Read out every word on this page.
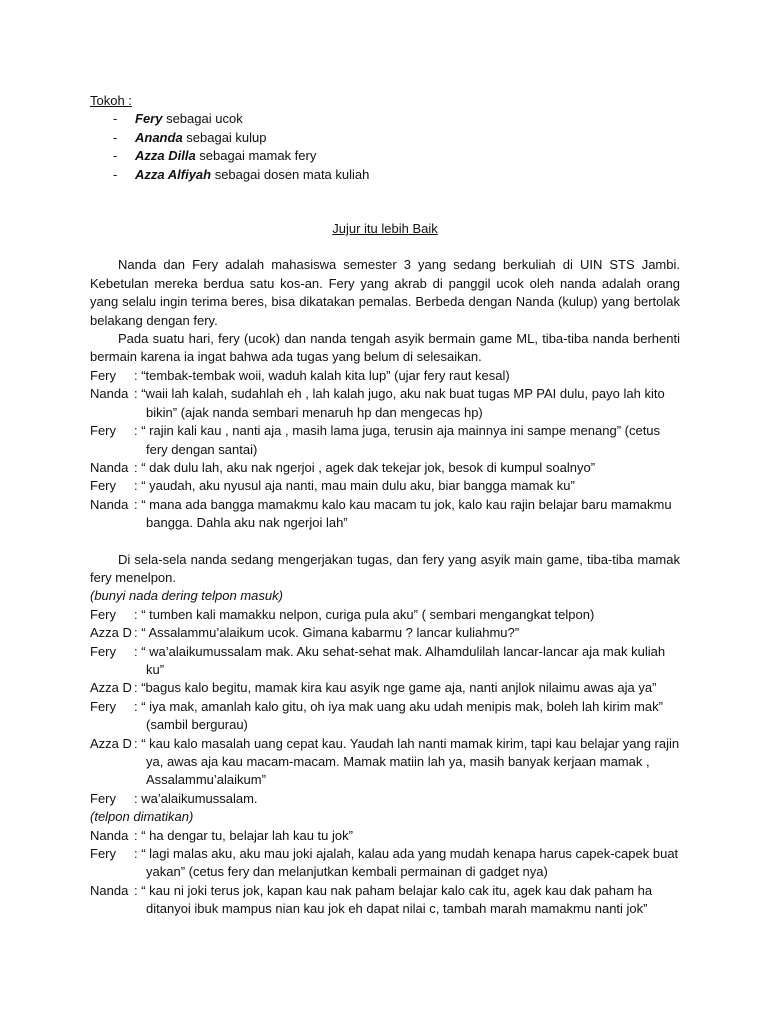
Tokoh :

- Fery sebagai ucok
- Ananda sebagai kulup
- Azza Dilla sebagai mamak fery
- Azza Alfiyah sebagai dosen mata kuliah
Jujur itu lebih Baik

Nanda dan Fery adalah mahasiswa semester 3 yang sedang berkuliah di UIN STS Jambi. Kebetulan mereka berdua satu kos-an. Fery yang akrab di panggil ucok oleh nanda adalah orang yang selalu ingin terima beres, bisa dikatakan pemalas. Berbeda dengan Nanda (kulup) yang bertolak belakang dengan fery.

Pada suatu hari, fery (ucok) dan nanda tengah asyik bermain game ML, tiba-tiba nanda berhenti bermain karena ia ingat bahwa ada tugas yang belum di selesaikan.

Fery	: “tembak-tembak woii, waduh kalah kita lup” (ujar fery raut kesal)
Nanda : “waii lah kalah, sudahlah eh , lah kalah jugo, aku nak buat tugas MP PAI dulu, payo lah kito bikin” (ajak nanda sembari menaruh hp dan mengecas hp)
Fery	: “ rajin kali kau , nanti aja , masih lama juga, terusin aja mainnya ini sampe menang” (cetus fery dengan santai)
Nanda : “ dak dulu lah, aku nak ngerjoi , agek dak tekejar jok, besok di kumpul soalnyo”
Fery	: “ yaudah, aku nyusul aja nanti, mau main dulu aku, biar bangga mamak ku”
Nanda : “ mana ada bangga mamakmu kalo kau macam tu jok, kalo kau rajin belajar baru mamakmu bangga. Dahla aku nak ngerjoi lah”

Di sela-sela nanda sedang mengerjakan tugas, dan fery yang asyik main game, tiba-tiba mamak fery menelpon.

(bunyi nada dering telpon masuk)

Fery	: “ tumben kali mamakku nelpon, curiga pula aku” ( sembari mengangkat telpon)
Azza D : “ Assalammu’alaikum ucok. Gimana kabarmu ? lancar kuliahmu?”
Fery	: “ wa’alaikumussalam mak. Aku sehat-sehat mak. Alhamdulilah lancar-lancar aja mak kuliah ku”
Azza D : “bagus kalo begitu, mamak kira kau asyik nge game aja, nanti anjlok nilaimu awas aja ya”
Fery	: “ iya mak, amanlah kalo gitu, oh iya mak uang aku udah menipis mak, boleh lah kirim mak” (sambil bergurau)
Azza D : “ kau kalo masalah uang cepat kau. Yaudah lah nanti mamak kirim, tapi kau belajar yang rajin ya, awas aja kau macam-macam. Mamak matiin lah ya, masih banyak kerjaan mamak , Assalammu’alaikum”
Fery	: wa’alaikumussalam.

(telpon dimatikan)

Nanda : “ ha dengar tu, belajar lah kau tu jok”
Fery	: “ lagi malas aku, aku mau joki ajalah, kalau ada yang mudah kenapa harus capek-capek buat yakan” (cetus fery dan melanjutkan kembali permainan di gadget nya)
Nanda : “ kau ni joki terus jok, kapan kau nak paham belajar kalo cak itu, agek kau dak paham ha ditanyoi ibuk mampus nian kau jok eh dapat nilai c, tambah marah mamakmu nanti jok”
